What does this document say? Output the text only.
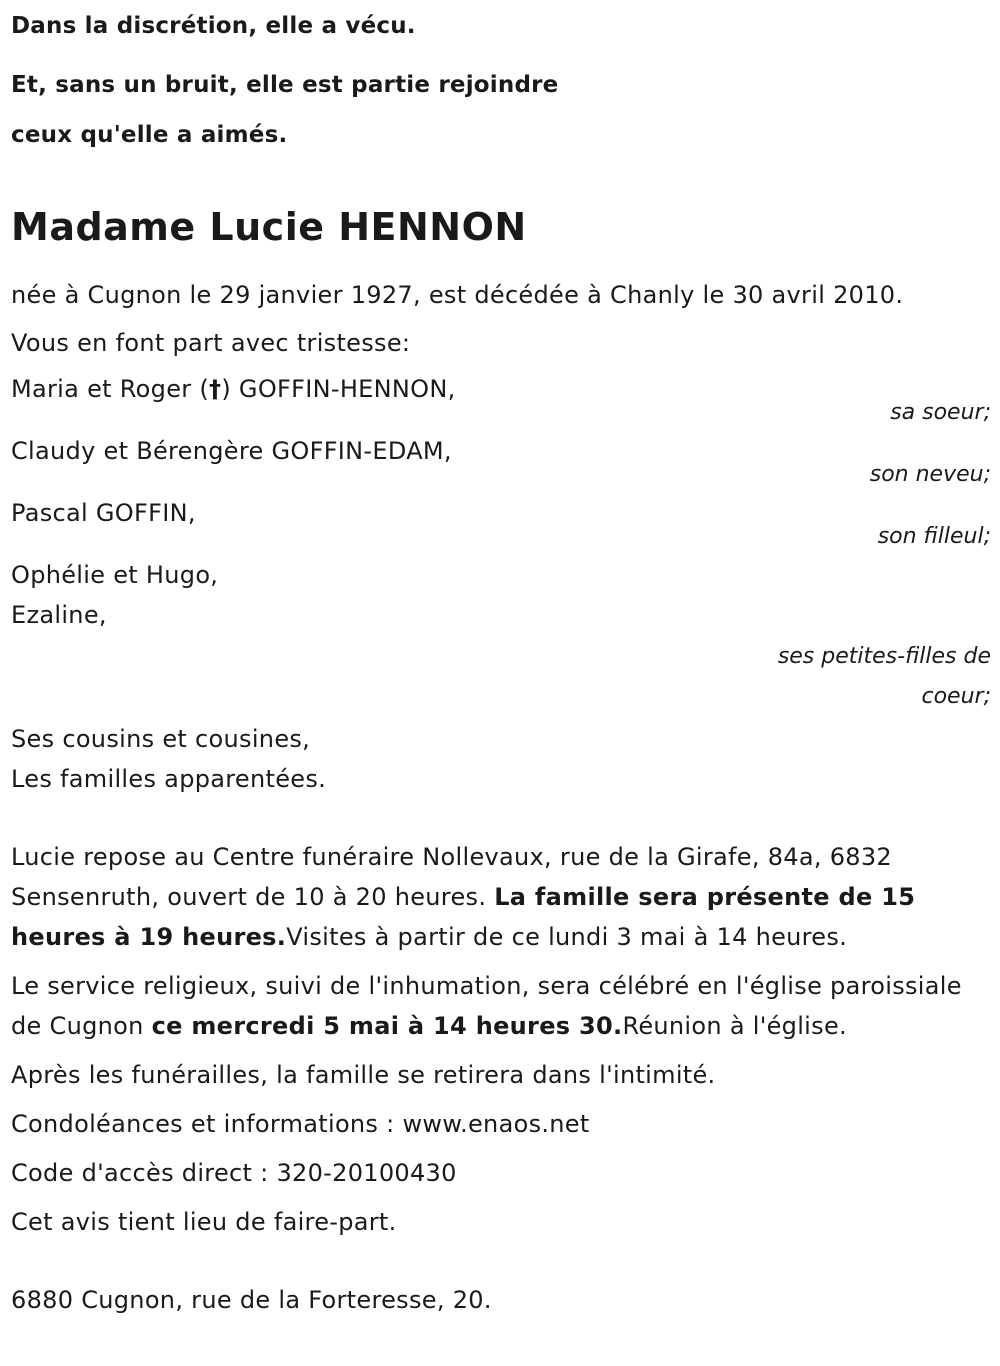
Dans la discrétion, elle a vécu.
Et, sans un bruit, elle est partie rejoindre
ceux qu'elle a aimés.
Madame Lucie HENNON
née à Cugnon le 29 janvier 1927, est décédée à Chanly le 30 avril 2010.
Vous en font part avec tristesse:
Maria et Roger (†) GOFFIN-HENNON,
sa soeur;
Claudy et Bérengère GOFFIN-EDAM,
son neveu;
Pascal GOFFIN,
son filleul;
Ophélie et Hugo,
Ezaline,
ses petites-filles de
coeur;
Ses cousins et cousines,
Les familles apparentées.
Lucie repose au Centre funéraire Nollevaux, rue de la Girafe, 84a, 6832 Sensenruth, ouvert de 10 à 20 heures. La famille sera présente de 15 heures à 19 heures.Visites à partir de ce lundi 3 mai à 14 heures.
Le service religieux, suivi de l'inhumation, sera célébré en l'église paroissiale de Cugnon ce mercredi 5 mai à 14 heures 30.Réunion à l'église.
Après les funérailles, la famille se retirera dans l'intimité.
Condoléances et informations : www.enaos.net
Code d'accès direct : 320-20100430
Cet avis tient lieu de faire-part.
6880 Cugnon, rue de la Forteresse, 20.
